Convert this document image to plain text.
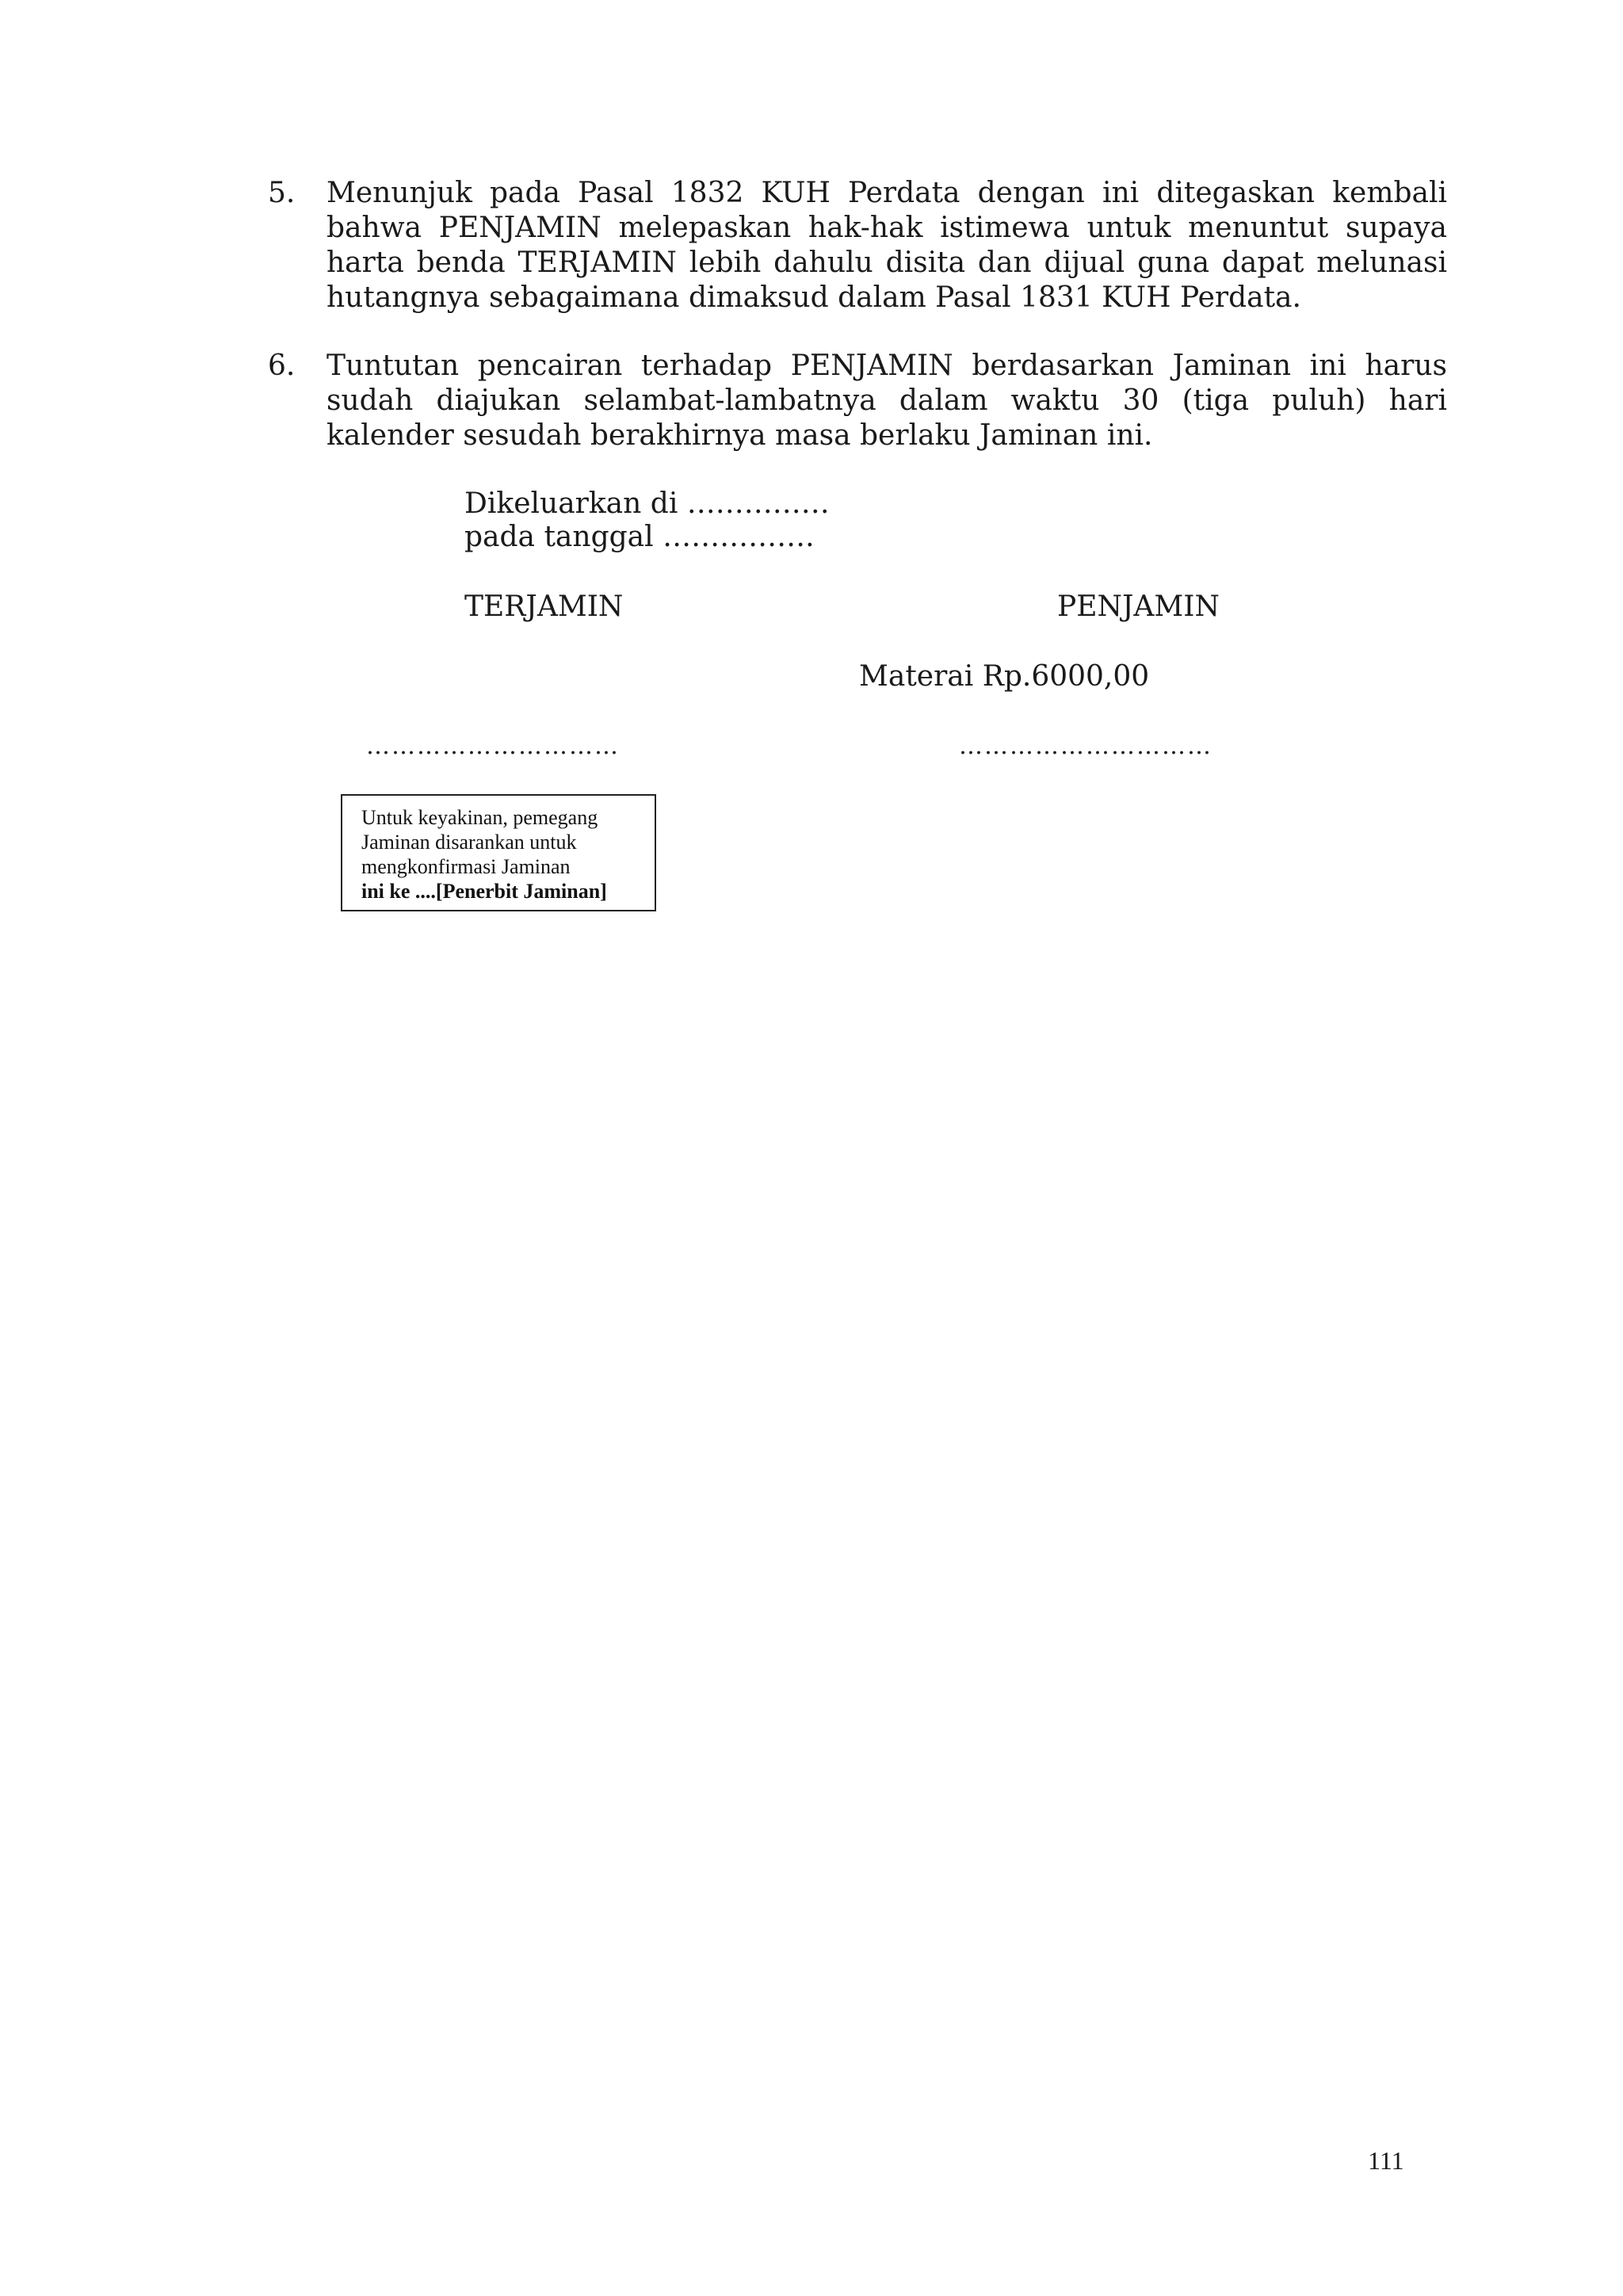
5. Menunjuk pada Pasal 1832 KUH Perdata dengan ini ditegaskan kembali bahwa PENJAMIN melepaskan hak-hak istimewa untuk menuntut supaya harta benda TERJAMIN lebih dahulu disita dan dijual guna dapat melunasi hutangnya sebagaimana dimaksud dalam Pasal 1831 KUH Perdata.
6. Tuntutan pencairan terhadap PENJAMIN berdasarkan Jaminan ini harus sudah diajukan selambat-lambatnya dalam waktu 30 (tiga puluh) hari kalender sesudah berakhirnya masa berlaku Jaminan ini.
Dikeluarkan di ……………
pada tanggal …………….
TERJAMIN	PENJAMIN
Materai Rp.6000,00
…………………………	…………………………
Untuk keyakinan, pemegang
Jaminan disarankan untuk
mengkonfirmasi Jaminan
ini ke ....[Penerbit Jaminan]
111
